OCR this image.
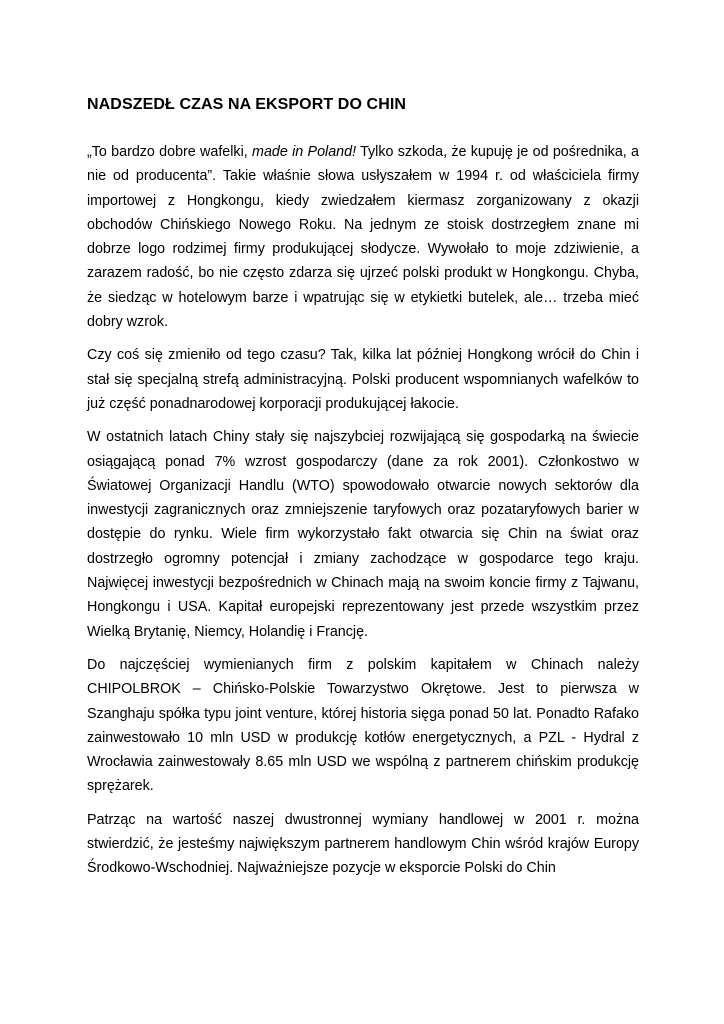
NADSZEDŁ CZAS NA EKSPORT DO CHIN

„To bardzo dobre wafelki, made in Poland! Tylko szkoda, że kupuję je od pośrednika, a nie od producenta”. Takie właśnie słowa usłyszałem w 1994 r. od właściciela firmy importowej z Hongkongu, kiedy zwiedzałem kiermasz zorganizowany z okazji obchodów Chińskiego Nowego Roku. Na jednym ze stoisk dostrzegłem znane mi dobrze logo rodzimej firmy produkującej słodycze. Wywołało to moje zdziwienie, a zarazem radość, bo nie często zdarza się ujrzeć polski produkt w Hongkongu. Chyba, że siedząc w hotelowym barze i wpatrując się w etykietki butelek, ale… trzeba mieć dobry wzrok.

Czy coś się zmieniło od tego czasu? Tak, kilka lat później Hongkong wrócił do Chin i stał się specjalną strefą administracyjną. Polski producent wspomnianych wafelków to już część ponadnarodowej korporacji produkującej łakocie.

W ostatnich latach Chiny stały się najszybciej rozwijającą się gospodarką na świecie osiągającą ponad 7% wzrost gospodarczy (dane za rok 2001). Członkostwo w Światowej Organizacji Handlu (WTO) spowodowało otwarcie nowych sektorów dla inwestycji zagranicznych oraz zmniejszenie taryfowych oraz pozataryfowych barier w dostępie do rynku. Wiele firm wykorzystało fakt otwarcia się Chin na świat oraz dostrzegło ogromny potencjał i zmiany zachodzące w gospodarce tego kraju. Najwięcej inwestycji bezpośrednich w Chinach mają na swoim koncie firmy z Tajwanu, Hongkongu i USA. Kapitał europejski reprezentowany jest przede wszystkim przez Wielką Brytanię, Niemcy, Holandię i Francję.

Do najczęściej wymienianych firm z polskim kapitałem w Chinach należy CHIPOLBROK – Chińsko-Polskie Towarzystwo Okrętowe. Jest to pierwsza w Szanghaju spółka typu joint venture, której historia sięga ponad 50 lat. Ponadto Rafako zainwestowało 10 mln USD w produkcję kotłów energetycznych, a PZL - Hydral z Wrocławia zainwestowały 8.65 mln USD we wspólną z partnerem chińskim produkcję sprężarek.

Patrząc na wartość naszej dwustronnej wymiany handlowej w 2001 r. można stwierdzić, że jesteśmy największym partnerem handlowym Chin wśród krajów Europy Środkowo-Wschodniej. Najważniejsze pozycje w eksporcie Polski do Chin
